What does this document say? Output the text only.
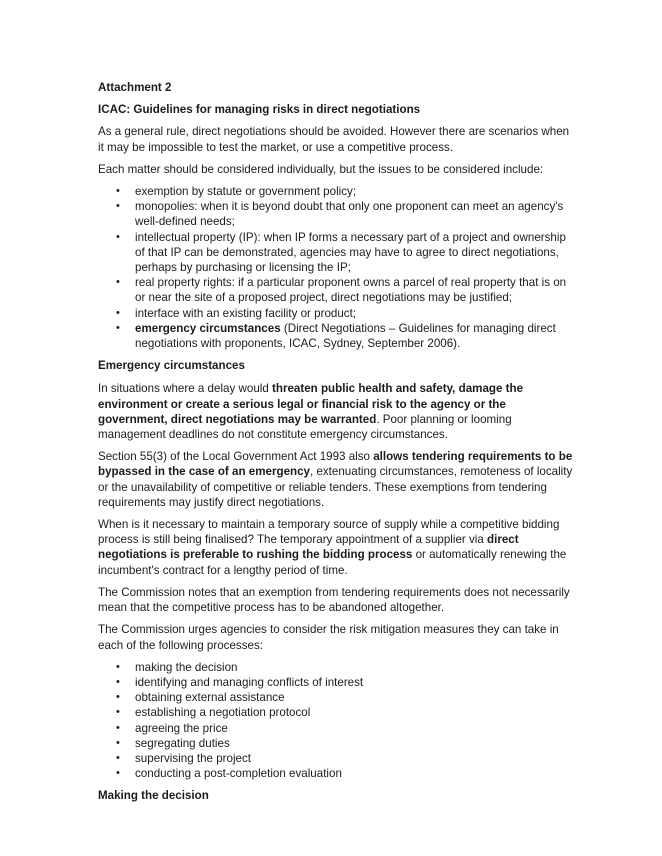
Attachment 2

ICAC: Guidelines for managing risks in direct negotiations

As a general rule, direct negotiations should be avoided. However there are scenarios when it may be impossible to test the market, or use a competitive process.

Each matter should be considered individually, but the issues to be considered include:

• exemption by statute or government policy;
• monopolies: when it is beyond doubt that only one proponent can meet an agency's well-defined needs;
• intellectual property (IP): when IP forms a necessary part of a project and ownership of that IP can be demonstrated, agencies may have to agree to direct negotiations, perhaps by purchasing or licensing the IP;
• real property rights: if a particular proponent owns a parcel of real property that is on or near the site of a proposed project, direct negotiations may be justified;
• interface with an existing facility or product;
• emergency circumstances (Direct Negotiations – Guidelines for managing direct negotiations with proponents, ICAC, Sydney, September 2006).

Emergency circumstances

In situations where a delay would threaten public health and safety, damage the environment or create a serious legal or financial risk to the agency or the government, direct negotiations may be warranted. Poor planning or looming management deadlines do not constitute emergency circumstances.

Section 55(3) of the Local Government Act 1993 also allows tendering requirements to be bypassed in the case of an emergency, extenuating circumstances, remoteness of locality or the unavailability of competitive or reliable tenders. These exemptions from tendering requirements may justify direct negotiations.

When is it necessary to maintain a temporary source of supply while a competitive bidding process is still being finalised? The temporary appointment of a supplier via direct negotiations is preferable to rushing the bidding process or automatically renewing the incumbent's contract for a lengthy period of time.

The Commission notes that an exemption from tendering requirements does not necessarily mean that the competitive process has to be abandoned altogether.

The Commission urges agencies to consider the risk mitigation measures they can take in each of the following processes:

• making the decision
• identifying and managing conflicts of interest
• obtaining external assistance
• establishing a negotiation protocol
• agreeing the price
• segregating duties
• supervising the project
• conducting a post-completion evaluation

Making the decision
